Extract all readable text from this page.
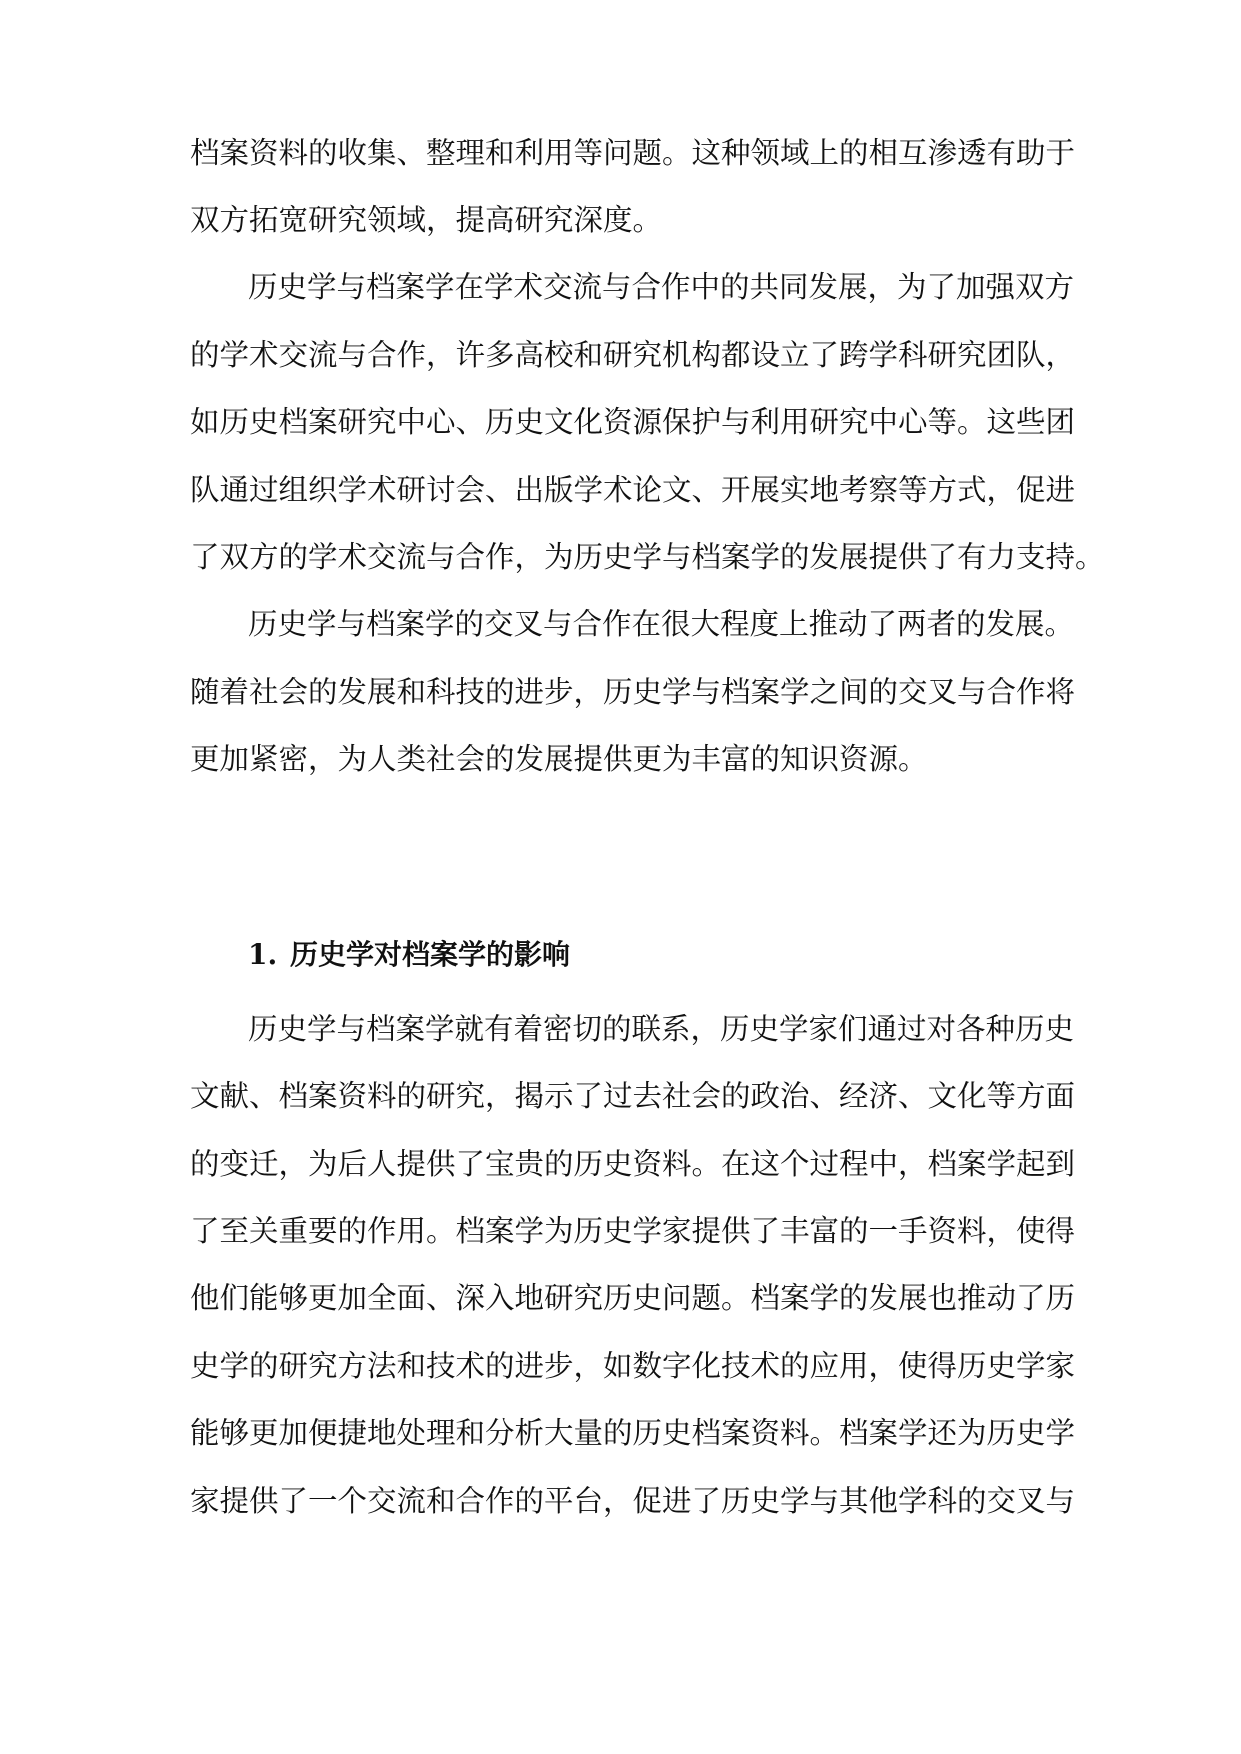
档案资料的收集、整理和利用等问题。这种领域上的相互渗透有助于
双方拓宽研究领域，提高研究深度。
历史学与档案学在学术交流与合作中的共同发展，为了加强双方
的学术交流与合作，许多高校和研究机构都设立了跨学科研究团队，
如历史档案研究中心、历史文化资源保护与利用研究中心等。这些团
队通过组织学术研讨会、出版学术论文、开展实地考察等方式，促进
了双方的学术交流与合作，为历史学与档案学的发展提供了有力支持。
历史学与档案学的交叉与合作在很大程度上推动了两者的发展。
随着社会的发展和科技的进步，历史学与档案学之间的交叉与合作将
更加紧密，为人类社会的发展提供更为丰富的知识资源。
1. 历史学对档案学的影响
历史学与档案学就有着密切的联系，历史学家们通过对各种历史
文献、档案资料的研究，揭示了过去社会的政治、经济、文化等方面
的变迁，为后人提供了宝贵的历史资料。在这个过程中，档案学起到
了至关重要的作用。档案学为历史学家提供了丰富的一手资料，使得
他们能够更加全面、深入地研究历史问题。档案学的发展也推动了历
史学的研究方法和技术的进步，如数字化技术的应用，使得历史学家
能够更加便捷地处理和分析大量的历史档案资料。档案学还为历史学
家提供了一个交流和合作的平台，促进了历史学与其他学科的交叉与
